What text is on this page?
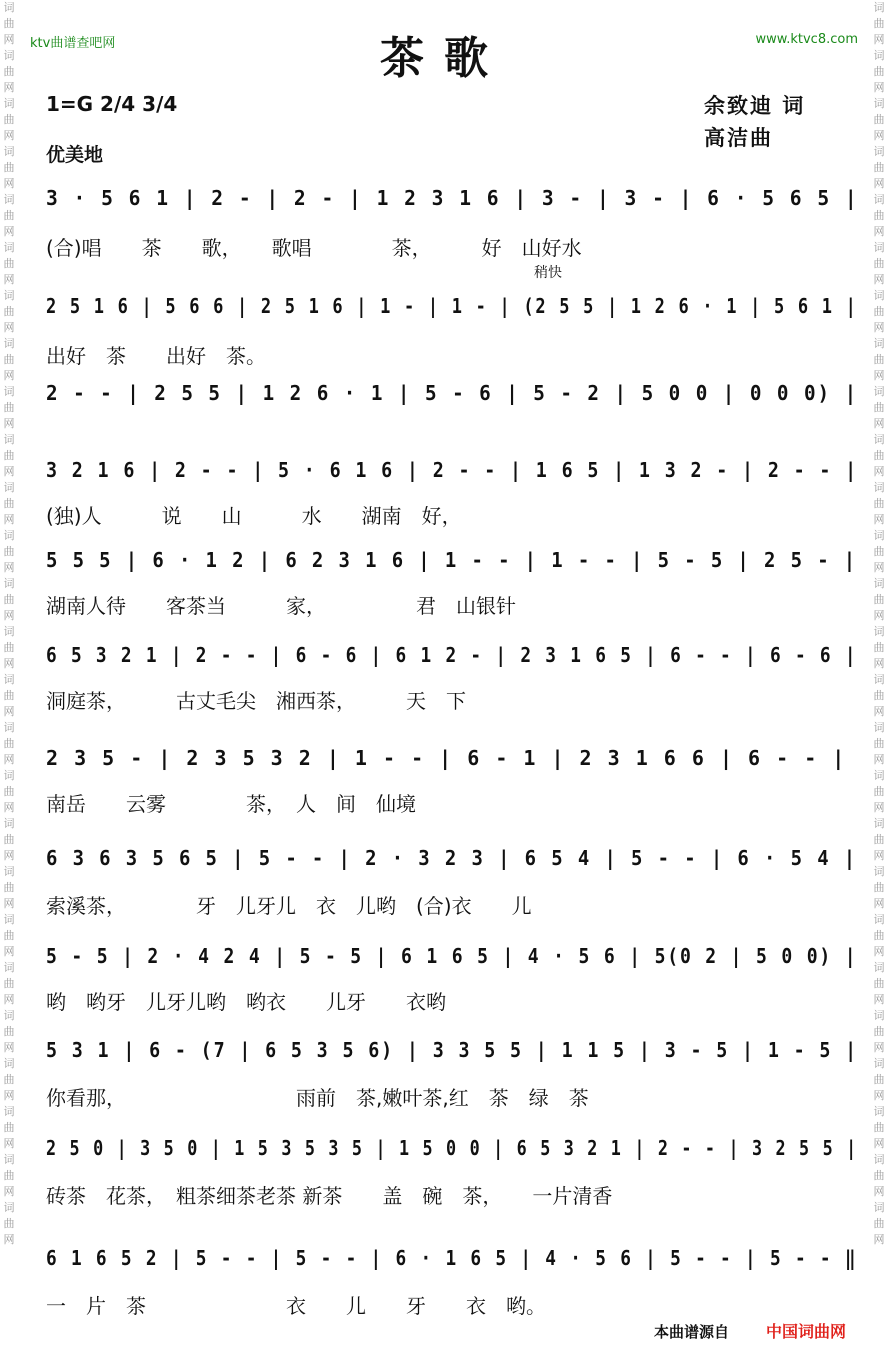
ktv曲谱查吧网	www.ktvc8.com
词曲网词曲网词曲网词曲网词曲网词曲网词曲网词曲网词曲网词曲网词曲网词曲网词曲网词曲网词曲网词曲网词曲网词曲网词曲网词曲网词曲网词曲网词曲网词曲网词曲网词曲网
词曲网词曲网词曲网词曲网词曲网词曲网词曲网词曲网词曲网词曲网词曲网词曲网词曲网词曲网词曲网词曲网词曲网词曲网词曲网词曲网词曲网词曲网词曲网词曲网词曲网词曲网
茶歌
1=G 2/4 3/4
优美地
余致迪 词
高洁曲
稍快
3 · 5 6 1 | 2 - | 2 - | 1 2 3 1 6 | 3 - | 3 - | 6 · 5 6 5 |
(合)唱　　茶　　歌，　　歌唱　　　　茶，　　　好　山好水
2 5 1 6 | 5 6 6 | 2 5 1 6 | 1 - | 1 - | (2 5 5 | 1 2 6 · 1 | 5 6 1 |
出好　茶　　出好　茶。
2 - - | 2 5 5 | 1 2 6 · 1 | 5 - 6 | 5 - 2 | 5 0 0 | 0 0 0) |
3 2 1 6 | 2 - - | 5 · 6 1 6 | 2 - - | 1 6 5 | 1 3 2 - | 2 - - |
(独)人　　　说　　山　　　水　　湖南　好，
5 5 5 | 6 · 1 2 | 6 2 3 1 6 | 1 - - | 1 - - | 5 - 5 | 2 5 - |
湖南人待　　客茶当　　　家，　　　　　君　山银针
6 5 3 2 1 | 2 - - | 6 - 6 | 6 1 2 - | 2 3 1 6 5 | 6 - - | 6 - 6 |
洞庭茶，　　　古丈毛尖　湘西茶，　　　天　下
2 3 5 - | 2 3 5 3 2 | 1 - - | 6 - 1 | 2 3 1 6 6 | 6 - - |
南岳　　云雾　　　　茶，　人　间　仙境
6 3 6 3 5 6 5 | 5 - - | 2 · 3 2 3 | 6 5 4 | 5 - - | 6 · 5 4 |
索溪茶，　　　　牙　儿牙儿　衣　儿哟　(合)衣　　儿
5 - 5 | 2 · 4 2 4 | 5 - 5 | 6 1 6 5 | 4 · 5 6 | 5(0 2 | 5 0 0) |
哟　哟牙　儿牙儿哟　哟衣　　儿牙　　衣哟
5 3 1 | 6 - (7 | 6 5 3 5 6) | 3 3 5 5 | 1 1 5 | 3 - 5 | 1 - 5 |
你看那，　　　　　　　　　雨前　茶,嫩叶茶,红　茶　绿　茶
2 5 0 | 3 5 0 | 1 5 3 5 3 5 | 1 5 0 0 | 6 5 3 2 1 | 2 - - | 3 2 5 5 |
砖茶　花茶，　粗茶细茶老茶 新茶　　盖　碗　茶，　　一片清香
6 1 6 5 2 | 5 - - | 5 - - | 6 · 1 6 5 | 4 · 5 6 | 5 - - | 5 - - ‖
一　片　茶　　　　　　　衣　　儿　　牙　　衣　哟。
本曲谱源自 中国词曲网
